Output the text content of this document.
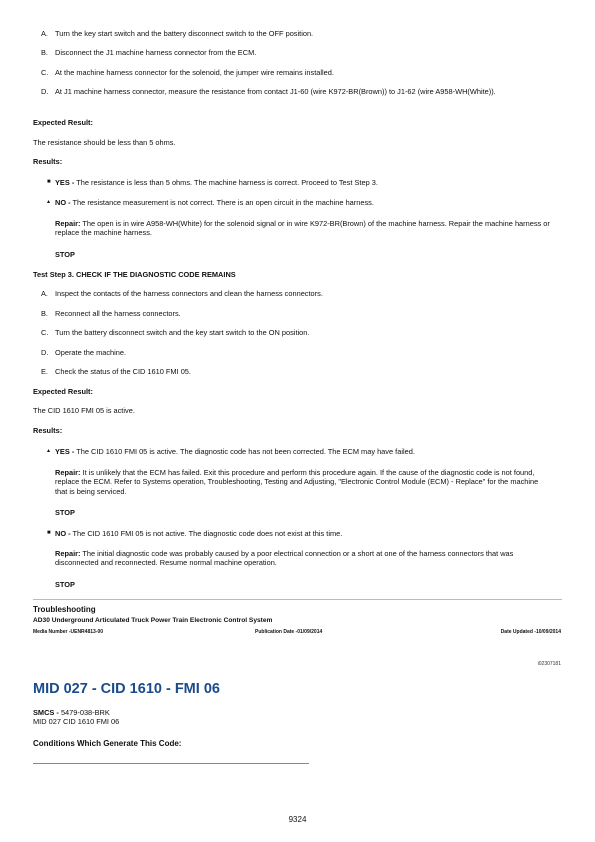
A. Turn the key start switch and the battery disconnect switch to the OFF position.
B. Disconnect the J1 machine harness connector from the ECM.
C. At the machine harness connector for the solenoid, the jumper wire remains installed.
D. At J1 machine harness connector, measure the resistance from contact J1-60 (wire K972-BR(Brown)) to J1-62 (wire A958-WH(White)).
Expected Result:
The resistance should be less than 5 ohms.
Results:
■ YES - The resistance is less than 5 ohms. The machine harness is correct. Proceed to Test Step 3.
▴ NO - The resistance measurement is not correct. There is an open circuit in the machine harness.
Repair: The open is in wire A958-WH(White) for the solenoid signal or in wire K972-BR(Brown) of the machine harness. Repair the machine harness or replace the machine harness.
STOP
Test Step 3. CHECK IF THE DIAGNOSTIC CODE REMAINS
A. Inspect the contacts of the harness connectors and clean the harness connectors.
B. Reconnect all the harness connectors.
C. Turn the battery disconnect switch and the key start switch to the ON position.
D. Operate the machine.
E. Check the status of the CID 1610 FMI 05.
Expected Result:
The CID 1610 FMI 05 is active.
Results:
▴ YES - The CID 1610 FMI 05 is active. The diagnostic code has not been corrected. The ECM may have failed.
Repair: It is unlikely that the ECM has failed. Exit this procedure and perform this procedure again. If the cause of the diagnostic code is not found, replace the ECM. Refer to Systems operation, Troubleshooting, Testing and Adjusting, "Electronic Control Module (ECM) - Replace" for the machine that is being serviced.
STOP
■ NO - The CID 1610 FMI 05 is not active. The diagnostic code does not exist at this time.
Repair: The initial diagnostic code was probably caused by a poor electrical connection or a short at one of the harness connectors that was disconnected and reconnected. Resume normal machine operation.
STOP
Troubleshooting
AD30 Underground Articulated Truck Power Train Electronic Control System
Media Number -UENR4813-00	Publication Date -01/09/2014	Date Updated -10/09/2014
i02307181
MID 027 - CID 1610 - FMI 06
SMCS - 5479-038-BRK
MID 027 CID 1610 FMI 06
Conditions Which Generate This Code:
9324
